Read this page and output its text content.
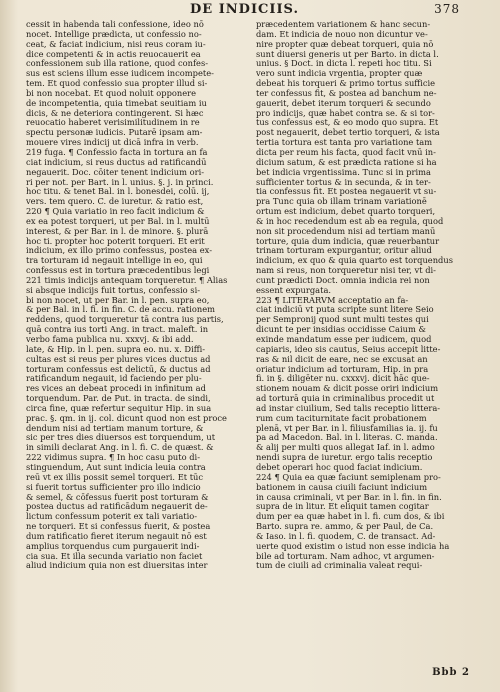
DE INDICIIS.	378
cessit in habenda tali confessione, ideo nō
nocet. Intellige prædicta, ut confessio no-
ceat, & faciat indicium, nisi reus coram iu-
dice competenti & in actis reuocauerit ea
confessionem sub illa ratione, quod confes-
sus est sciens illum esse iudicem incompete-
tem. Et quod confessio sua propter illud si-
bi non nocebat. Et quod noluit opponere
de incompetentia, quia timebat seuitiam iu
dicis, & ne deteriora contingerent. Si hæc
reuocatio haberet verisimilitudinem in re
spectu personæ iudicis. Putarē ipsam am-
mouere vires indicij ut dicā infra in verb.
219 fuga. ¶ Confessio facta in tortura an fa
ciat indicium, si reus ductus ad ratificandū
negauerit. Doc. cōiter tenent indicium ori-
ri per not. per Bart. in l. unius. §. j. in princi.
hoc titu. & tenet Bal. in l. bonesdei, colū. ij,
vers. tem quero. C. de iuretur. & ratio est,
220 ¶ Quia variatio in reo facit indicium &
ex ea potest torqueri, ut per Bal. in l. multū
interest, & per Bar. in l. de minore. §. plurā
hoc ti. propter hoc poterit torqueri. Et erit
indicium, ex illo primo confessus, postea ex-
tra torturam id negauit intellige in eo, qui
confessus est in tortura præcedentibus legi
221 timis indicijs antequam torqueretur. ¶ Alias
si absque indicijs fuit tortus, confessio si-
bi non nocet, ut per Bar. in l. pen. supra eo,
& per Bal. in l. fi. in fin. C. de accu. rationem
reddens, quod torqueretur tā contra ius partis,
quā contra ius torti Ang. in tract. maleft. in
verbo fama publica nu. xxxvj. & ibi add.
late, & Hip. in l. pen. supra eo. nu. x. Diffi-
cultas est si reus per plures vices ductus ad
torturam confessus est delictū, & ductus ad
ratificandum negauit, id faciendo per plu-
res vices an debeat procedi in infinitum ad
torquendum. Par. de Put. in tracta. de sindi,
circa fine, quæ refertur sequitur Hip. in sua
prac. §. qm. in ij. col. dicunt quod non est proce
dendum nisi ad tertiam manum torture, &
sic per tres dies diuersos est torquendum, ut
in simili declarat Ang. in l. fi. C. de quæst. &
222 vidimus supra. ¶ In hoc casu puto di-
stinguendum, Aut sunt indicia leuia contra
reū vt ex illis possit semel torqueri. Et tūc
si fuerit tortus sufficienter pro illo indicio
& semel, & cōfessus fuerit post torturam &
postea ductus ad ratificādum negauerit de-
lictum confessum poterit ex tali variatio-
ne torqueri. Et si confessus fuerit, & postea
dum ratificatio fieret iterum negauit nō est
amplius torquendus cum purgauerit indi-
cia sua. Et illa secunda variatio non faciet
aliud indicium quia non est diuersitas inter
præcedentem variationem & hanc secun-
dam. Et indicia de nouo non dicuntur ve-
nire propter quæ debeat torqueri, quia nō
sunt diuersi generis ut per Barto. in dicta l.
unius. § Doct. in dicta l. repeti hoc titu. Si
vero sunt indicia vrgentia, propter quæ
debeat his torqueri & primo tortus sufficie
ter confessus fit, & postea ad banchum ne-
gauerit, debet iterum torqueri & secundo
pro indicijs, quæ habet contra se. & si tor-
tus confessus est, & eo modo quo supra. Et
post negauerit, debet tertio torqueri, & ista
tertia tortura est tanta pro variatione tam
dicta per reum his facta, quod facit vnū in-
dicium satum, & est prædicta ratione si ha
bet indicia vrgentissima. Tunc si in prima
sufficienter tortus & in secunda, & in ter-
tia confessus fit. Et postea negauerit vt su-
pra Tunc quia ob illam trinam variationē
ortum est indicium, debet quarto torqueri,
& in hoc recedendum est ab ea regula, quod
non sit procedendum nisi ad tertiam manū
torture, quia dum indicia, quæ reuerbantur
trinam torturam expurgantur, oritur aliud
indicium, ex quo & quia quarto est torquendus
nam si reus, non torqueretur nisi ter, vt di-
cunt prædicti Doct. omnia indicia rei non
essent expurgata.
223 ¶ LITERARVM acceptatio an fa-
ciat indiciū vt puta scripte sunt litere Seio
per Sempronij quod sunt multi testes qui
dicunt te per insidias occidisse Caium &
exinde mandatum esse per iudicem, quod
capiaris, ideo sis cautus, Seius accepit litte-
ras & nil dicit de eare, nec se excusat an
oriatur indicium ad torturam, Hip. in pra
fi. in §. diligēter nu. cxxxvj. dicit hāc que-
stionem nouam & dicit posse oriri indicium
ad torturā quia in criminalibus procedit ut
ad instar ciuilium, Sed talis receptio littera-
rum cum taciturnitate facit probationem
plenā, vt per Bar. in l. filiusfamilias ia. ij. fu
pa ad Macedon. Bal. in l. literas. C. manda.
& alij per multi quos allegat Iaf. in l. admo
nendi supra de iuretur. ergo talis receptio
debet operari hoc quod faciat indicium.
224 ¶ Quia ea quæ faciunt semiplenam pro-
bationem in causa ciuili faciunt indicium
in causa criminali, vt per Bar. in l. fin. in fin.
supra de in litur. Et eliquit tamen cogitar
dum per ea quæ habet in l. fi. cum dos, & ibi
Barto. supra re. ammo, & per Paul, de Ca.
& Iaso. in l. fi. quodem, C. de transact. Ad-
uerte quod existim o istud non esse indicia ha
bile ad torturam. Nam adhoc, vt argumen-
tum de ciuili ad criminalia valeat requi-
Bbb 2
